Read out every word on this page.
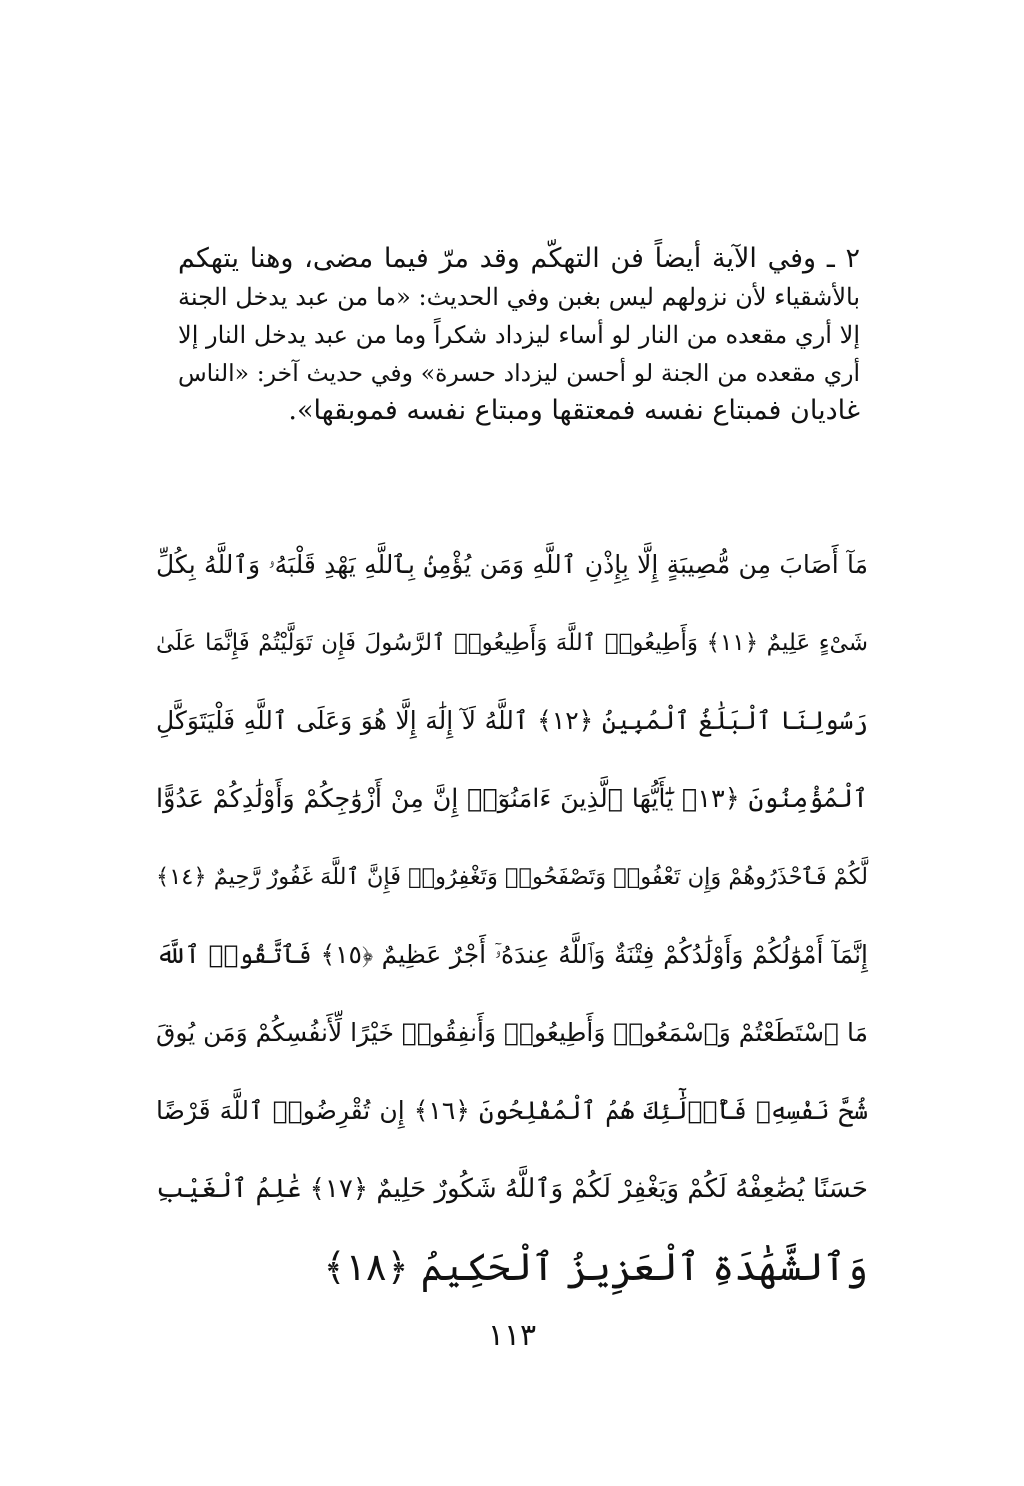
٢ ـ وفي الآية أيضاً فن التهكّم وقد مرّ فيما مضى، وهنا يتهكم
بالأشقياء لأن نزولهم ليس بغبن وفي الحديث: «ما من عبد يدخل الجنة
إلا أري مقعده من النار لو أساء ليزداد شكراً وما من عبد يدخل النار إلا
أري مقعده من الجنة لو أحسن ليزداد حسرة» وفي حديث آخر: «الناس
غاديان فمبتاع نفسه فمعتقها ومبتاع نفسه فموبقها».
مَآ أَصَابَ مِن مُّصِيبَةٍ إِلَّا بِإِذْنِ ٱللَّهِ وَمَن يُؤْمِنۢ بِٱللَّهِ يَهْدِ قَلْبَهُۥ وَٱللَّهُ بِكُلِّ
شَىْءٍ عَلِيمٌ ﴿١١﴾ وَأَطِيعُوا۟ ٱللَّهَ وَأَطِيعُوا۟ ٱلرَّسُولَ فَإِن تَوَلَّيْتُمْ فَإِنَّمَا عَلَىٰ
رَسُولِنَا ٱلْبَلَٰغُ ٱلْمُبِينُ ﴿١٢﴾ ٱللَّهُ لَآ إِلَٰهَ إِلَّا هُوَ وَعَلَى ٱللَّهِ فَلْيَتَوَكَّلِ
ٱلْمُؤْمِنُونَ ﴿١٣﴾ يَٰٓأَيُّهَا ٱلَّذِينَ ءَامَنُوٓا۟ إِنَّ مِنْ أَزْوَٰجِكُمْ وَأَوْلَٰدِكُمْ عَدُوًّا
لَّكُمْ فَٱحْذَرُوهُمْ وَإِن تَعْفُوا۟ وَتَصْفَحُوا۟ وَتَغْفِرُوا۟ فَإِنَّ ٱللَّهَ غَفُورٌ رَّحِيمٌ ﴿١٤﴾
إِنَّمَآ أَمْوَٰلُكُمْ وَأَوْلَٰدُكُمْ فِتْنَةٌ وَٱللَّهُ عِندَهُۥٓ أَجْرٌ عَظِيمٌ ﴿١٥﴾ فَٱتَّقُوا۟ ٱللَّهَ
مَا ٱسْتَطَعْتُمْ وَٱسْمَعُوا۟ وَأَطِيعُوا۟ وَأَنفِقُوا۟ خَيْرًا لِّأَنفُسِكُمْ وَمَن يُوقَ
شُحَّ نَفْسِهِۦ فَأُو۟لَٰٓئِكَ هُمُ ٱلْمُفْلِحُونَ ﴿١٦﴾ إِن تُقْرِضُوا۟ ٱللَّهَ قَرْضًا
حَسَنًا يُضَٰعِفْهُ لَكُمْ وَيَغْفِرْ لَكُمْ وَٱللَّهُ شَكُورٌ حَلِيمٌ ﴿١٧﴾ عَٰلِمُ ٱلْغَيْبِ
وَٱلشَّهَٰدَةِ ٱلْعَزِيزُ ٱلْحَكِيمُ ﴿١٨﴾
١١٣
